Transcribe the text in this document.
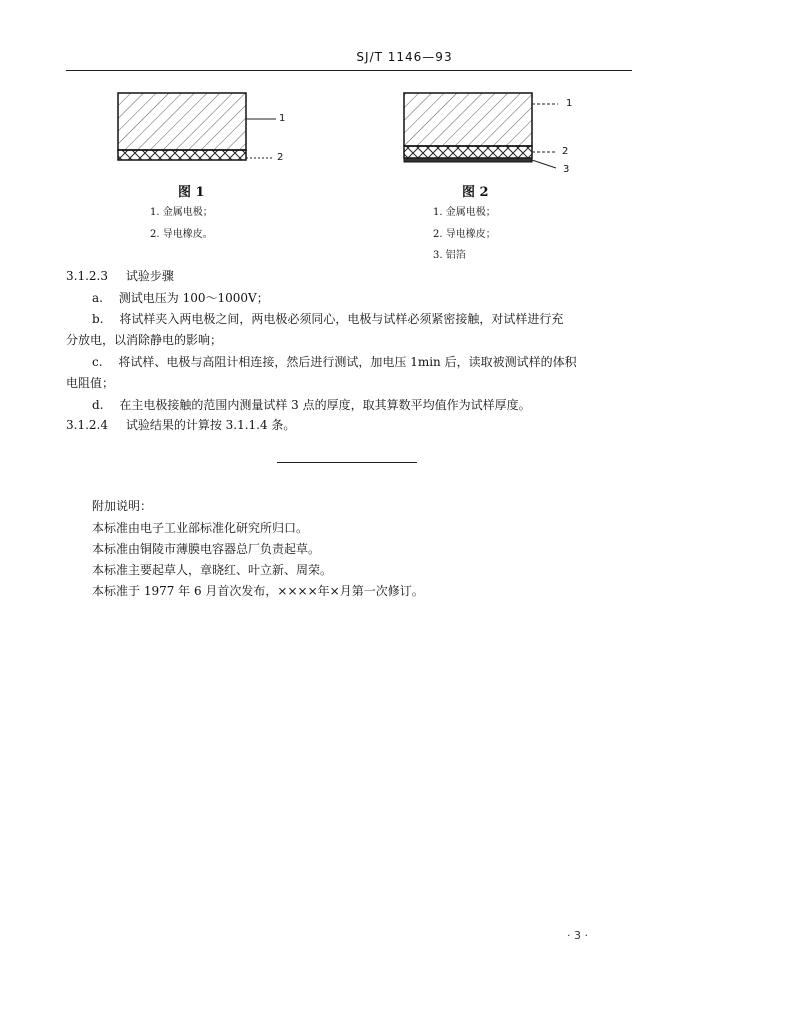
SJ/T 1146—93
1
2
图 1
1. 金属电极；
2. 导电橡皮。
1
2
3
图 2
1. 金属电极；
2. 导电橡皮；
3. 铝箔
3.1.2.3 试验步骤
a. 测试电压为 100～1000V；
b. 将试样夹入两电极之间，两电极必须同心，电极与试样必须紧密接触，对试样进行充
分放电，以消除静电的影响；
c. 将试样、电极与高阻计相连接，然后进行测试，加电压 1min 后，读取被测试样的体积
电阻值；
d. 在主电极接触的范围内测量试样 3 点的厚度，取其算数平均值作为试样厚度。
3.1.2.4 试验结果的计算按 3.1.1.4 条。
附加说明：
本标准由电子工业部标准化研究所归口。
本标准由铜陵市薄膜电容器总厂负责起草。
本标准主要起草人，章晓红、叶立新、周荣。
本标准于 1977 年 6 月首次发布，××××年×月第一次修订。
· 3 ·
